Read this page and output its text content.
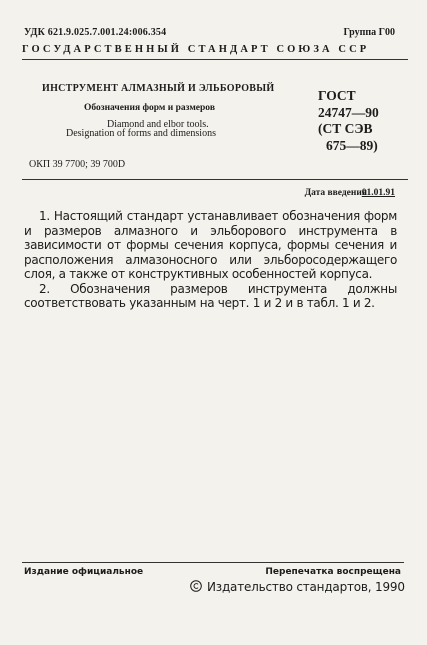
УДК 621.9.025.7.001.24:006.354	Группа Г00
ГОСУДАРСТВЕННЫЙ СТАНДАРТ СОЮЗА ССР
ИНСТРУМЕНТ АЛМАЗНЫЙ И ЭЛЬБОРОВЫЙ
Обозначения форм и размеров
Diamond and elbor tools.
Designation of forms and dimensions
ГОСТ
24747—90
(СТ СЭВ
675—89)
ОКП 39 7700; 39 700D
Дата введения
01.01.91

1. Настоящий стандарт устанавливает обозначения форм и размеров алмазного и эльборового инструмента в зависимости от формы сечения корпуса, формы сечения и расположения алмазоносного или эльборосодержащего слоя, а также от конструктивных особенностей корпуса.

2. Обозначения размеров инструмента должны соответствовать указанным на черт. 1 и 2 и в табл. 1 и 2.

Издание официальное	Перепечатка воспрещена
Издательство стандартов, 1990
